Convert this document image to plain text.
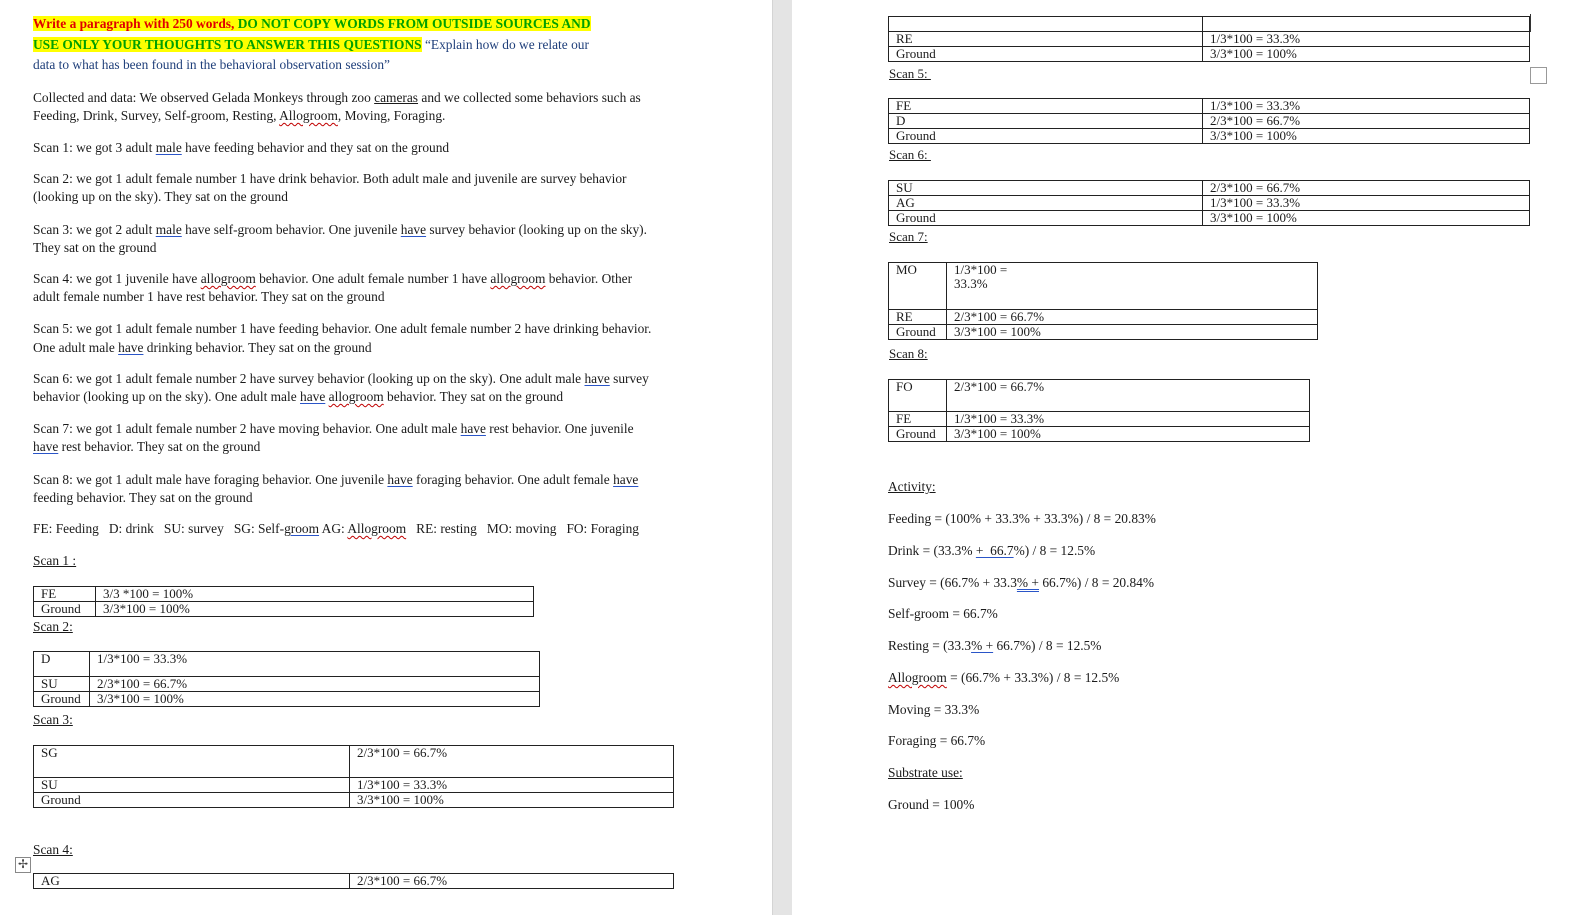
Write a paragraph with 250 words, DO NOT COPY WORDS FROM OUTSIDE SOURCES AND

USE ONLY YOUR THOUGHTS TO ANSWER THIS QUESTIONS “Explain how do we relate our

data to what has been found in the behavioral observation session”

Collected and data: We observed Gelada Monkeys through zoo cameras and we collected some behaviors such as

Feeding, Drink, Survey, Self-groom, Resting, Allogroom, Moving, Foraging.

Scan 1: we got 3 adult male have feeding behavior and they sat on the ground

Scan 2: we got 1 adult female number 1 have drink behavior. Both adult male and juvenile are survey behavior

(looking up on the sky). They sat on the ground

Scan 3: we got 2 adult male have self-groom behavior. One juvenile have survey behavior (looking up on the sky).

They sat on the ground

Scan 4: we got 1 juvenile have allogroom behavior. One adult female number 1 have allogroom behavior. Other

adult female number 1 have rest behavior. They sat on the ground

Scan 5: we got 1 adult female number 1 have feeding behavior. One adult female number 2 have drinking behavior.

One adult male have drinking behavior. They sat on the ground

Scan 6: we got 1 adult female number 2 have survey behavior (looking up on the sky). One adult male have survey

behavior (looking up on the sky). One adult male have allogroom behavior. They sat on the ground

Scan 7: we got 1 adult female number 2 have moving behavior. One adult male have rest behavior. One juvenile

have rest behavior. They sat on the ground

Scan 8: we got 1 adult male have foraging behavior. One juvenile have foraging behavior. One adult female have

feeding behavior. They sat on the ground

FE: Feeding   D: drink   SU: survey   SG: Self-groom AG: Allogroom   RE: resting   MO: moving   FO: Foraging

Scan 1 :

FE	3/3 *100 = 100%
Ground	3/3*100 = 100%

Scan 2:

D	1/3*100 = 33.3%
SU	2/3*100 = 66.7%
Ground	3/3*100 = 100%

Scan 3:

SG	2/3*100 = 66.7%
SU	1/3*100 = 33.3%
Ground	3/3*100 = 100%

Scan 4:

✢
AG	2/3*100 = 66.7%

RE	1/3*100 = 33.3%
Ground	3/3*100 = 100%

Scan 5:

FE	1/3*100 = 33.3%
D	2/3*100 = 66.7%
Ground	3/3*100 = 100%

Scan 6:

SU	2/3*100 = 66.7%
AG	1/3*100 = 33.3%
Ground	3/3*100 = 100%

Scan 7:

MO	1/3*100 =
33.3%
RE	2/3*100 = 66.7%
Ground	3/3*100 = 100%

Scan 8:

FO	2/3*100 = 66.7%
FE	1/3*100 = 33.3%
Ground	3/3*100 = 100%

Activity:

Feeding = (100% + 33.3% + 33.3%) / 8 = 20.83%

Drink = (33.3% +  66.7%) / 8 = 12.5%

Survey = (66.7% + 33.3% + 66.7%) / 8 = 20.84%

Self-groom = 66.7%

Resting = (33.3% + 66.7%) / 8 = 12.5%

Allogroom = (66.7% + 33.3%) / 8 = 12.5%

Moving = 33.3%

Foraging = 66.7%

Substrate use:

Ground = 100%
